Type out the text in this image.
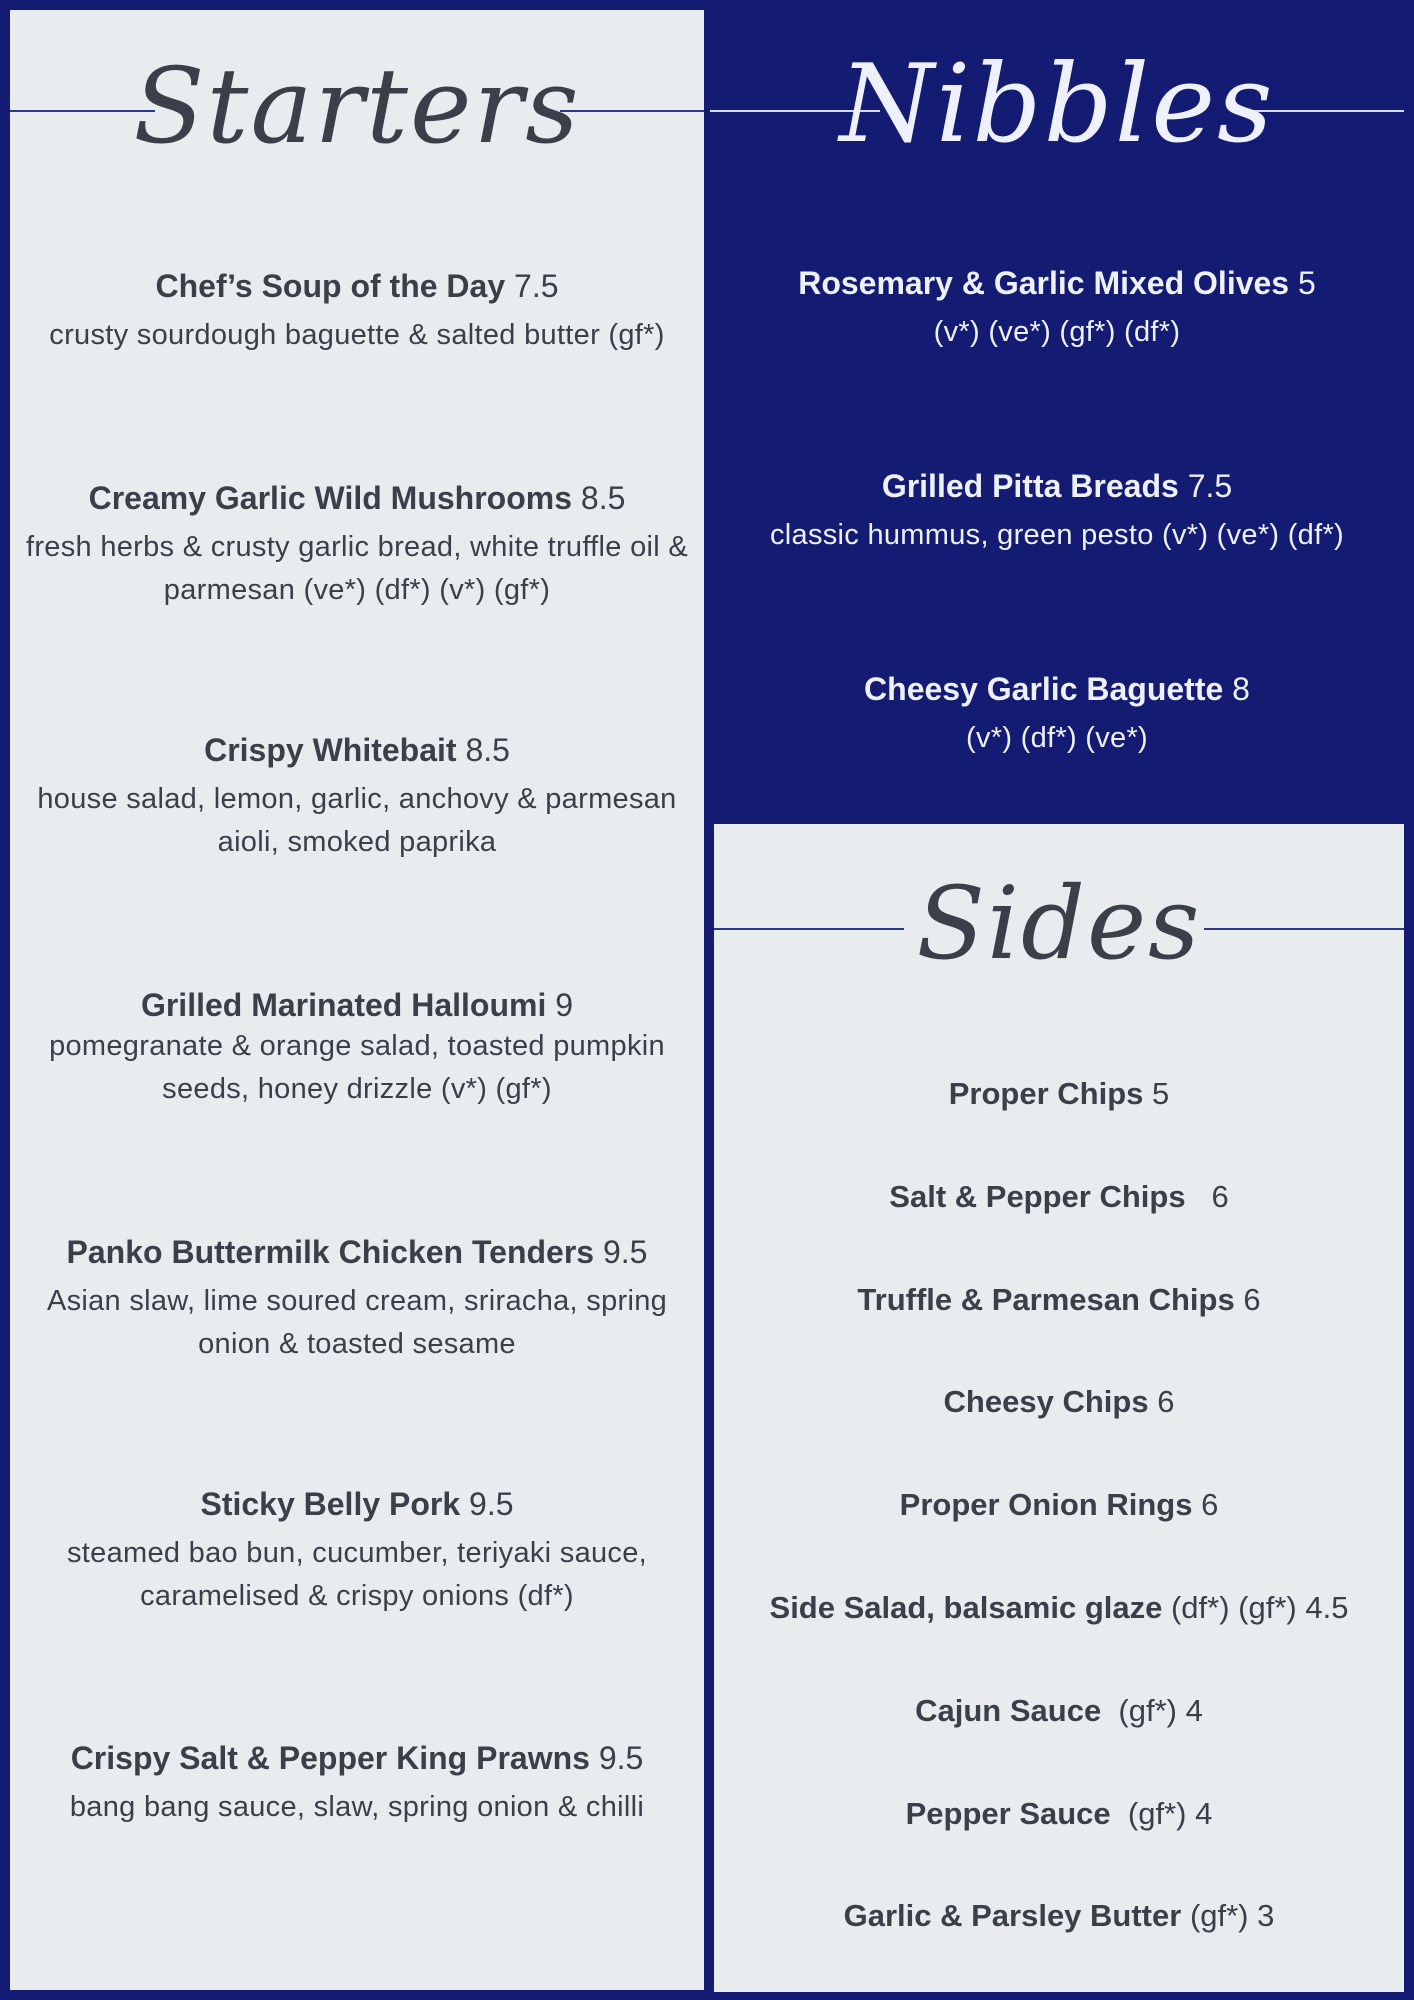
Starters
Chef’s Soup of the Day 7.5
crusty sourdough baguette & salted butter (gf*)
Creamy Garlic Wild Mushrooms 8.5
fresh herbs & crusty garlic bread, white truffle oil & parmesan (ve*) (df*) (v*) (gf*)
Crispy Whitebait 8.5
house salad, lemon, garlic, anchovy & parmesan aioli, smoked paprika
Grilled Marinated Halloumi 9
pomegranate & orange salad, toasted pumpkin seeds, honey drizzle (v*) (gf*)
Panko Buttermilk Chicken Tenders 9.5
Asian slaw, lime soured cream, sriracha, spring onion & toasted sesame
Sticky Belly Pork 9.5
steamed bao bun, cucumber, teriyaki sauce, caramelised & crispy onions (df*)
Crispy Salt & Pepper King Prawns 9.5
bang bang sauce, slaw, spring onion & chilli
Nibbles
Rosemary & Garlic Mixed Olives 5
(v*) (ve*) (gf*) (df*)
Grilled Pitta Breads 7.5
classic hummus, green pesto (v*) (ve*) (df*)
Cheesy Garlic Baguette 8
(v*) (df*) (ve*)
Sides
Proper Chips 5
Salt & Pepper Chips 6
Truffle & Parmesan Chips 6
Cheesy Chips 6
Proper Onion Rings 6
Side Salad, balsamic glaze (df*) (gf*) 4.5
Cajun Sauce (gf*) 4
Pepper Sauce (gf*) 4
Garlic & Parsley Butter (gf*) 3
